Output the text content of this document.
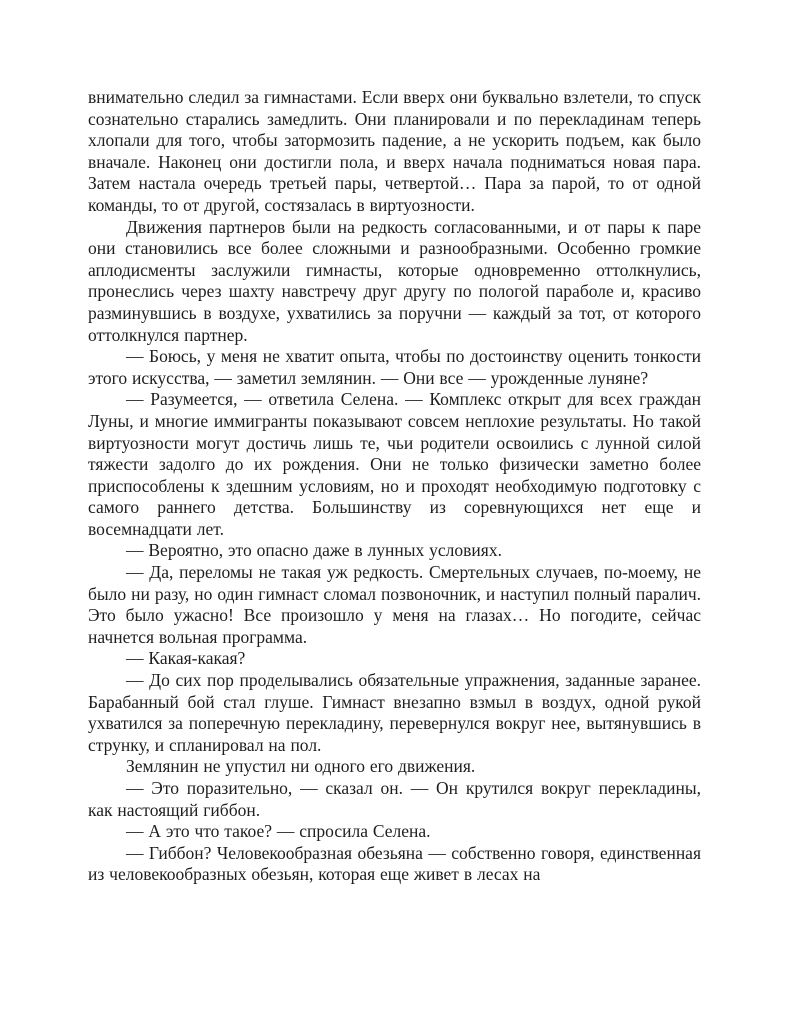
внимательно следил за гимнастами. Если вверх они буквально взлетели, то спуск сознательно старались замедлить. Они планировали и по перекладинам теперь хлопали для того, чтобы затормозить падение, а не ускорить подъем, как было вначале. Наконец они достигли пола, и вверх начала подниматься новая пара. Затем настала очередь третьей пары, четвертой… Пара за парой, то от одной команды, то от другой, состязалась в виртуозности.

Движения партнеров были на редкость согласованными, и от пары к паре они становились все более сложными и разнообразными. Особенно громкие аплодисменты заслужили гимнасты, которые одновременно оттолкнулись, пронеслись через шахту навстречу друг другу по пологой параболе и, красиво разминувшись в воздухе, ухватились за поручни — каждый за тот, от которого оттолкнулся партнер.

— Боюсь, у меня не хватит опыта, чтобы по достоинству оценить тонкости этого искусства, — заметил землянин. — Они все — урожденные луняне?

— Разумеется, — ответила Селена. — Комплекс открыт для всех граждан Луны, и многие иммигранты показывают совсем неплохие результаты. Но такой виртуозности могут достичь лишь те, чьи родители освоились с лунной силой тяжести задолго до их рождения. Они не только физически заметно более приспособлены к здешним условиям, но и проходят необходимую подготовку с самого раннего детства. Большинству из соревнующихся нет еще и восемнадцати лет.

— Вероятно, это опасно даже в лунных условиях.

— Да, переломы не такая уж редкость. Смертельных случаев, по-моему, не было ни разу, но один гимнаст сломал позвоночник, и наступил полный паралич. Это было ужасно! Все произошло у меня на глазах… Но погодите, сейчас начнется вольная программа.

— Какая-какая?

— До сих пор проделывались обязательные упражнения, заданные заранее. Барабанный бой стал глуше. Гимнаст внезапно взмыл в воздух, одной рукой ухватился за поперечную перекладину, перевернулся вокруг нее, вытянувшись в струнку, и спланировал на пол.

Землянин не упустил ни одного его движения.

— Это поразительно, — сказал он. — Он крутился вокруг перекладины, как настоящий гиббон.

— А это что такое? — спросила Селена.

— Гиббон? Человекообразная обезьяна — собственно говоря, единственная из человекообразных обезьян, которая еще живет в лесах на
